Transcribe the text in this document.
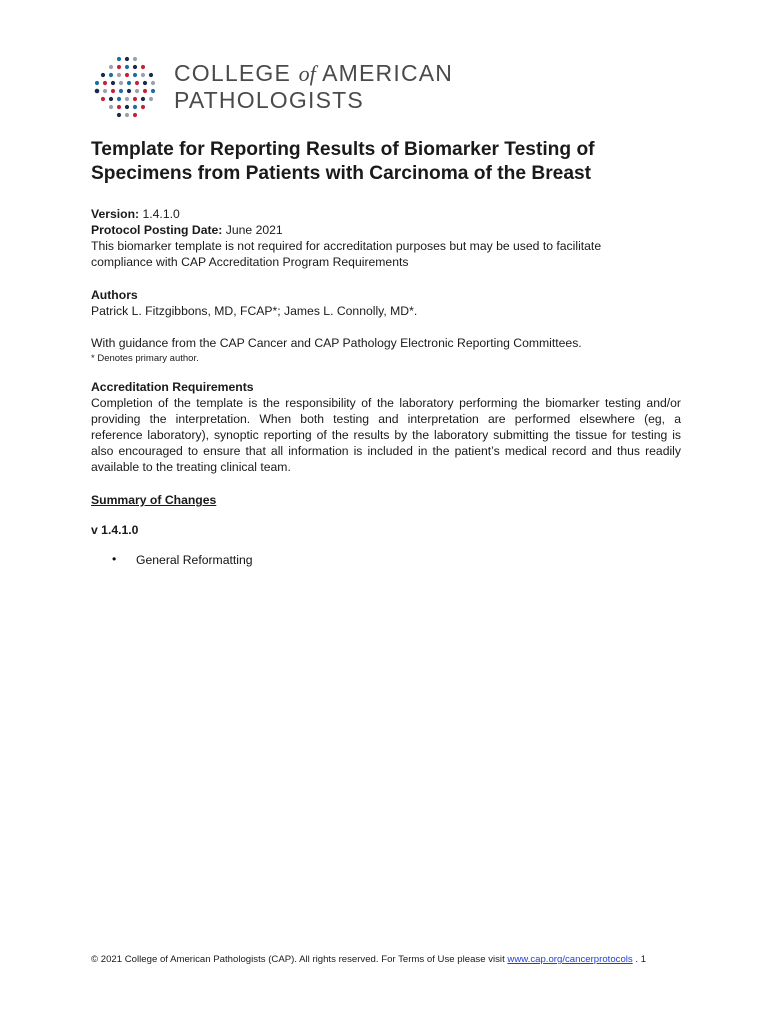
COLLEGE of AMERICAN
PATHOLOGISTS
Template for Reporting Results of Biomarker Testing of
Specimens from Patients with Carcinoma of the Breast

Version: 1.4.1.0

Protocol Posting Date: June 2021

This biomarker template is not required for accreditation purposes but may be used to facilitate

compliance with CAP Accreditation Program Requirements

Authors

Patrick L. Fitzgibbons, MD, FCAP*; James L. Connolly, MD*.

With guidance from the CAP Cancer and CAP Pathology Electronic Reporting Committees.

* Denotes primary author.

Accreditation Requirements

Completion of the template is the responsibility of the laboratory performing the biomarker testing and/or
providing the interpretation. When both testing and interpretation are performed elsewhere (eg, a
reference laboratory), synoptic reporting of the results by the laboratory submitting the tissue for testing is
also encouraged to ensure that all information is included in the patient’s medical record and thus readily
available to the treating clinical team.

Summary of Changes

v 1.4.1.0

• General Reformatting
© 2021 College of American Pathologists (CAP). All rights reserved. For Terms of Use please visit www.cap.org/cancerprotocols . 1
